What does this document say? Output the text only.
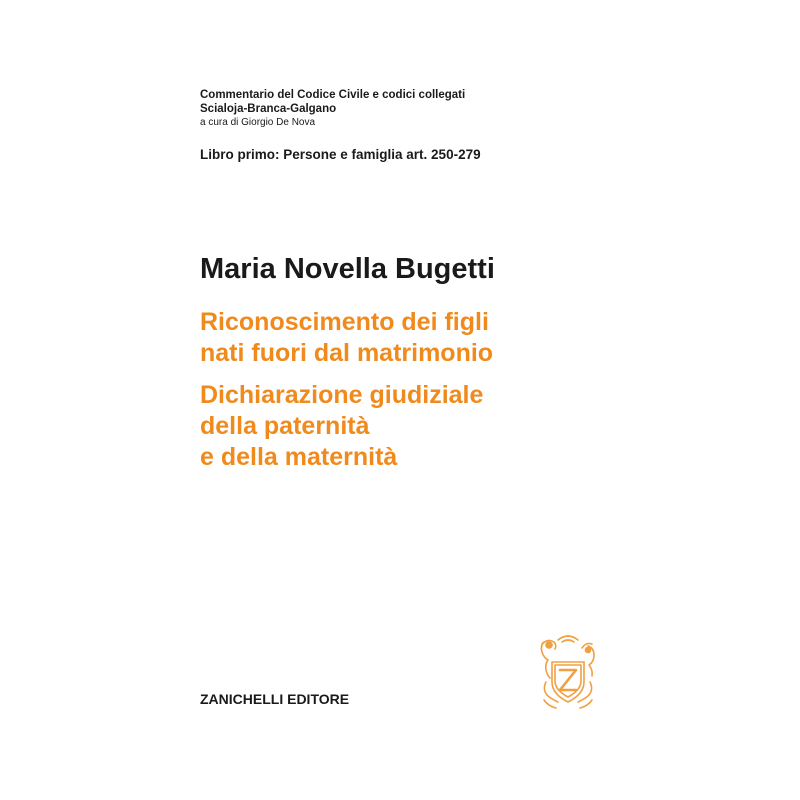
Commentario del Codice Civile e codici collegati
Scialoja-Branca-Galgano
a cura di Giorgio De Nova
Libro primo: Persone e famiglia art. 250-279
Maria Novella Bugetti
Riconoscimento dei figli
nati fuori dal matrimonio
Dichiarazione giudiziale
della paternità
e della maternità
ZANICHELLI EDITORE
